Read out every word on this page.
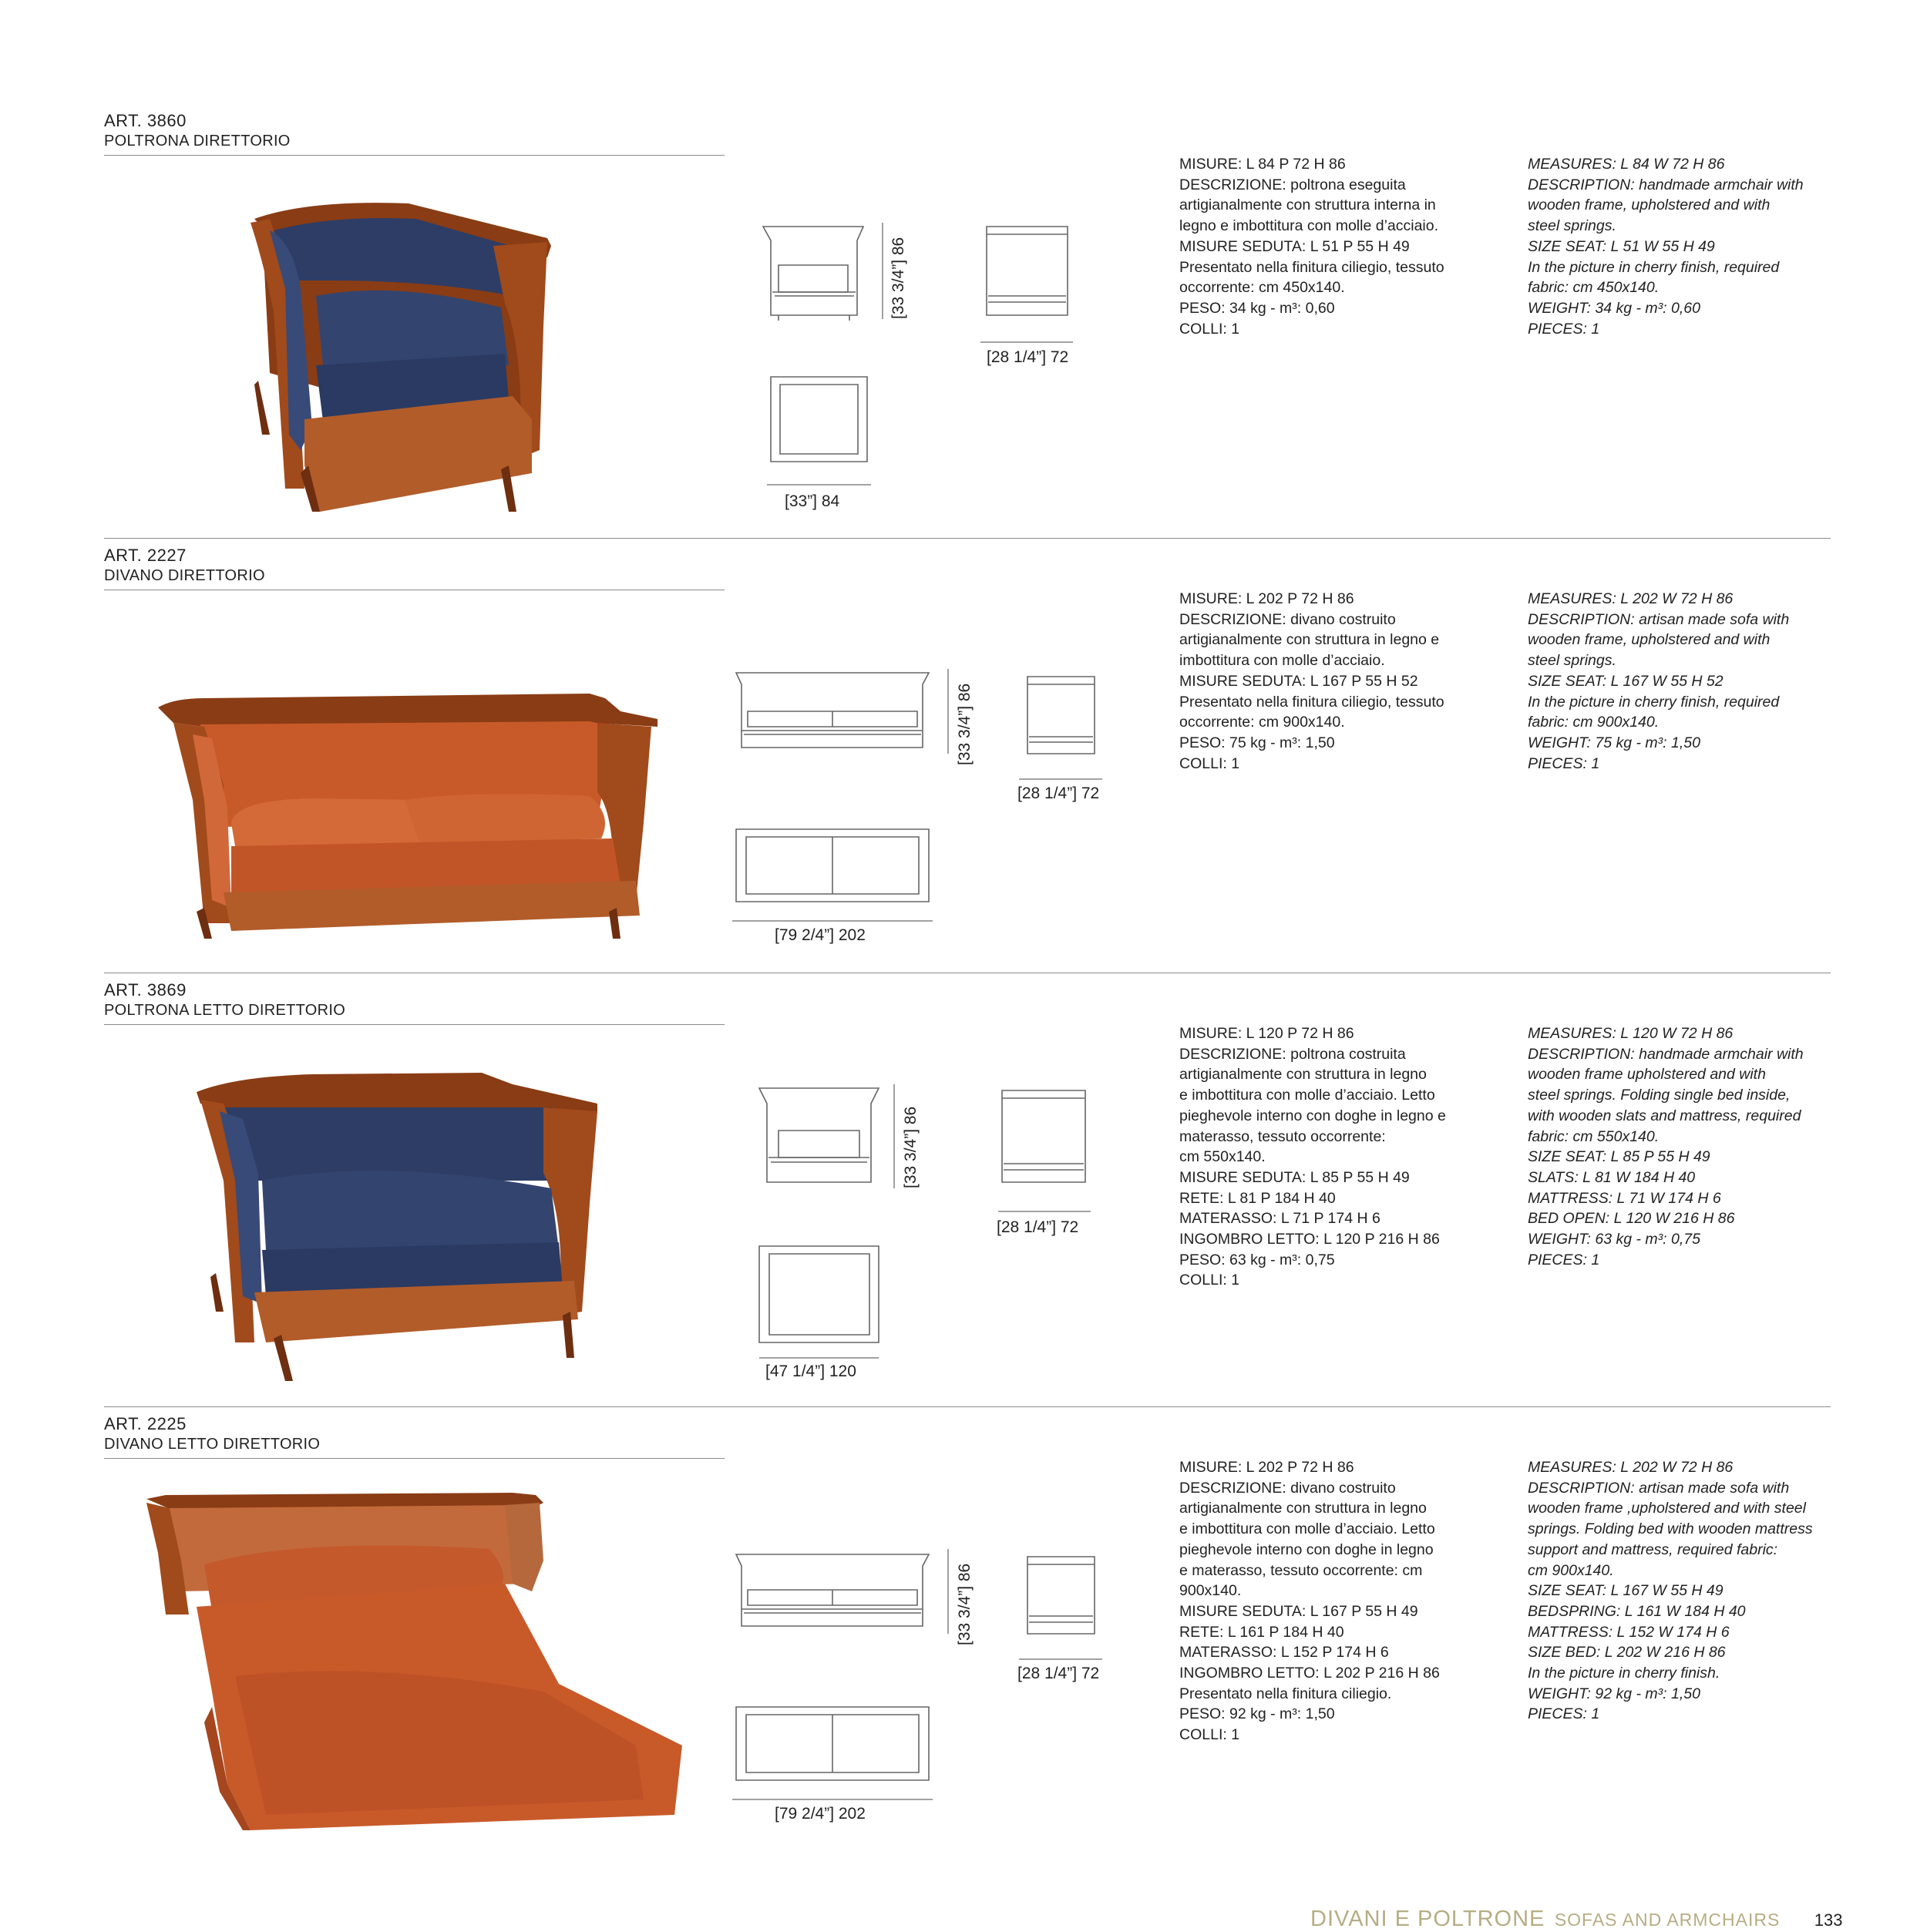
ART. 3860
POLTRONA DIRETTORIO
[33 3/4”] 86
[28 1/4”] 72
[33”] 84
MISURE: L 84 P 72 H 86
DESCRIZIONE: poltrona eseguita
artigianalmente con struttura interna in
legno e imbottitura con molle d’acciaio.
MISURE SEDUTA: L 51 P 55 H 49
Presentato nella finitura ciliegio, tessuto
occorrente: cm 450x140.
PESO: 34 kg - m³: 0,60
COLLI: 1
MEASURES: L 84 W 72 H 86
DESCRIPTION: handmade armchair with
wooden frame, upholstered and with
steel springs.
SIZE SEAT: L 51 W 55 H 49
In the picture in cherry finish, required
fabric: cm 450x140.
WEIGHT: 34 kg - m³: 0,60
PIECES: 1
ART. 2227
DIVANO DIRETTORIO
[33 3/4”] 86
[28 1/4”] 72
[79 2/4”] 202
MISURE: L 202 P 72 H 86
DESCRIZIONE: divano costruito
artigianalmente con struttura in legno e
imbottitura con molle d’acciaio.
MISURE SEDUTA: L 167 P 55 H 52
Presentato nella finitura ciliegio, tessuto
occorrente: cm 900x140.
PESO: 75 kg - m³: 1,50
COLLI: 1
MEASURES: L 202 W 72 H 86
DESCRIPTION: artisan made sofa with
wooden frame, upholstered and with
steel springs.
SIZE SEAT: L 167 W 55 H 52
In the picture in cherry finish, required
fabric: cm 900x140.
WEIGHT: 75 kg - m³: 1,50
PIECES: 1
ART. 3869
POLTRONA LETTO DIRETTORIO
[33 3/4”] 86
[28 1/4”] 72
[47 1/4”] 120
MISURE: L 120 P 72 H 86
DESCRIZIONE: poltrona costruita
artigianalmente con struttura in legno
e imbottitura con molle d’acciaio. Letto
pieghevole interno con doghe in legno e
materasso, tessuto occorrente:
cm 550x140.
MISURE SEDUTA: L 85 P 55 H 49
RETE: L 81 P 184 H 40
MATERASSO: L 71 P 174 H 6
INGOMBRO LETTO: L 120 P 216 H 86
PESO: 63 kg - m³: 0,75
COLLI: 1
MEASURES: L 120 W 72 H 86
DESCRIPTION: handmade armchair with
wooden frame upholstered and with
steel springs. Folding single bed inside,
with wooden slats and mattress, required
fabric: cm 550x140.
SIZE SEAT: L 85 P 55 H 49
SLATS: L 81 W 184 H 40
MATTRESS: L 71 W 174 H 6
BED OPEN: L 120 W 216 H 86
WEIGHT: 63 kg - m³: 0,75
PIECES: 1
ART. 2225
DIVANO LETTO DIRETTORIO
[33 3/4”] 86
[28 1/4”] 72
[79 2/4”] 202
MISURE: L 202 P 72 H 86
DESCRIZIONE: divano costruito
artigianalmente con struttura in legno
e imbottitura con molle d’acciaio. Letto
pieghevole interno con doghe in legno
e materasso, tessuto occorrente: cm
900x140.
MISURE SEDUTA: L 167 P 55 H 49
RETE: L 161 P 184 H 40
MATERASSO: L 152 P 174 H 6
INGOMBRO LETTO: L 202 P 216 H 86
Presentato nella finitura ciliegio.
PESO: 92 kg - m³: 1,50
COLLI: 1
MEASURES: L 202 W 72 H 86
DESCRIPTION: artisan made sofa with
wooden frame ,upholstered and with steel
springs. Folding bed with wooden mattress
support and mattress, required fabric:
cm 900x140.
SIZE SEAT: L 167 W 55 H 49
BEDSPRING: L 161 W 184 H 40
MATTRESS: L 152 W 174 H 6
SIZE BED: L 202 W 216 H 86
In the picture in cherry finish.
WEIGHT: 92 kg - m³: 1,50
PIECES: 1
DIVANI E POLTRONE SOFAS AND ARMCHAIRS 133
